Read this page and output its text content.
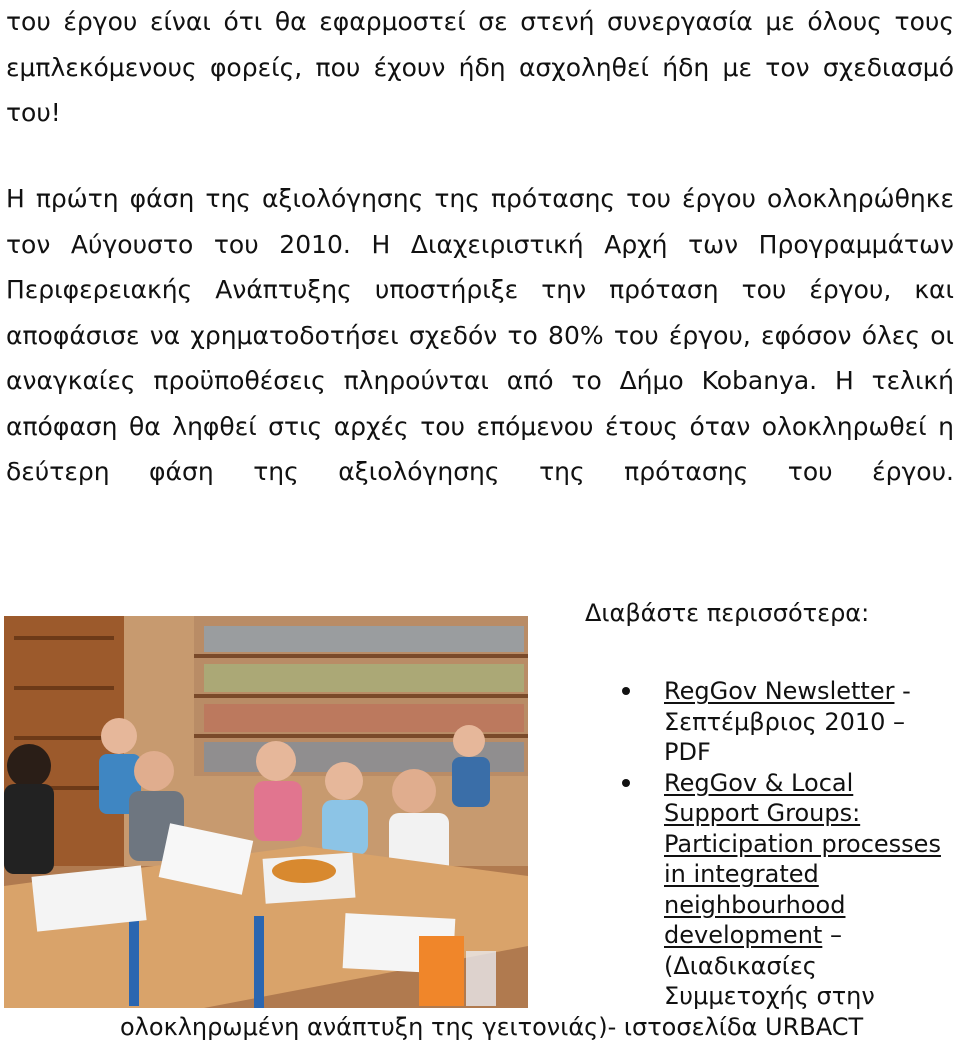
του έργου είναι ότι θα εφαρμοστεί σε στενή συνεργασία με όλους τους
εμπλεκόμενους φορείς, που έχουν ήδη ασχοληθεί ήδη με τον σχεδιασμό
του!
Η πρώτη φάση της αξιολόγησης της πρότασης του έργου ολοκληρώθηκε
τον Αύγουστο του 2010. Η Διαχειριστική Αρχή των Προγραμμάτων
Περιφερειακής Ανάπτυξης υποστήριξε την πρόταση του έργου, και
αποφάσισε να χρηματοδοτήσει σχεδόν το 80% του έργου, εφόσον όλες οι
αναγκαίες προϋποθέσεις πληρούνται από το Δήμο Kobanya. Η τελική
απόφαση θα ληφθεί στις αρχές του επόμενου έτους όταν ολοκληρωθεί η
δεύτερη φάση της αξιολόγησης της πρότασης του έργου.

Διαβάστε περισσότερα:

RegGov Newsletter -
Σεπτέμβριος 2010 –
PDF
RegGov & Local
Support Groups:
Participation processes
in integrated
neighbourhood
development –
(Διαδικασίες
Συμμετοχής στην

ολοκληρωμένη ανάπτυξη της γειτονιάς)- ιστοσελίδα URBACT
